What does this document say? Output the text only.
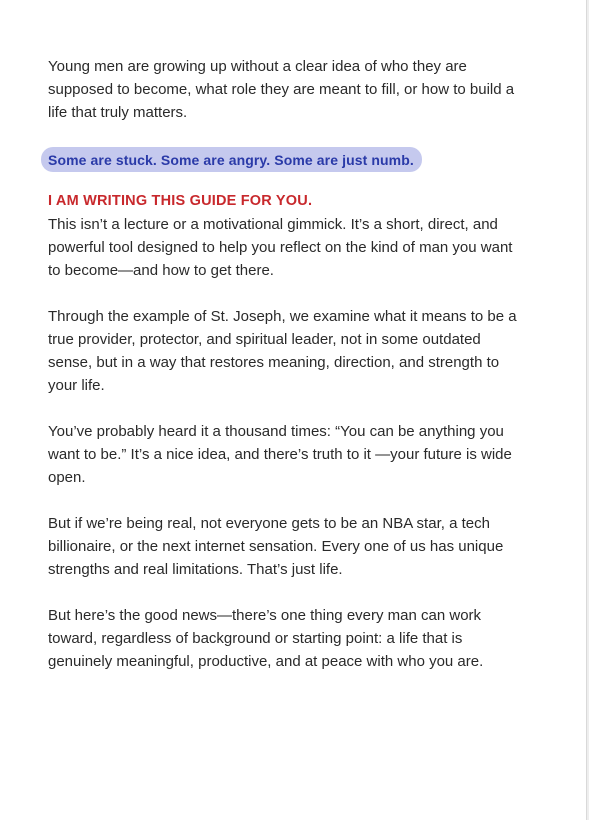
Young men are growing up without a clear idea of who they are supposed to become, what role they are meant to fill, or how to build a life that truly matters.

Some are stuck. Some are angry. Some are just numb.

I AM WRITING THIS GUIDE FOR YOU.

This isn’t a lecture or a motivational gimmick. It’s a short, direct, and powerful tool designed to help you reflect on the kind of man you want to become—and how to get there.

Through the example of St. Joseph, we examine what it means to be a true provider, protector, and spiritual leader, not in some outdated sense, but in a way that restores meaning, direction, and strength to your life.

You’ve probably heard it a thousand times: “You can be anything you want to be.” It’s a nice idea, and there’s truth to it —your future is wide open.

But if we’re being real, not everyone gets to be an NBA star, a tech billionaire, or the next internet sensation. Every one of us has unique strengths and real limitations. That’s just life.

But here’s the good news—there’s one thing every man can work toward, regardless of background or starting point: a life that is genuinely meaningful, productive, and at peace with who you are.
